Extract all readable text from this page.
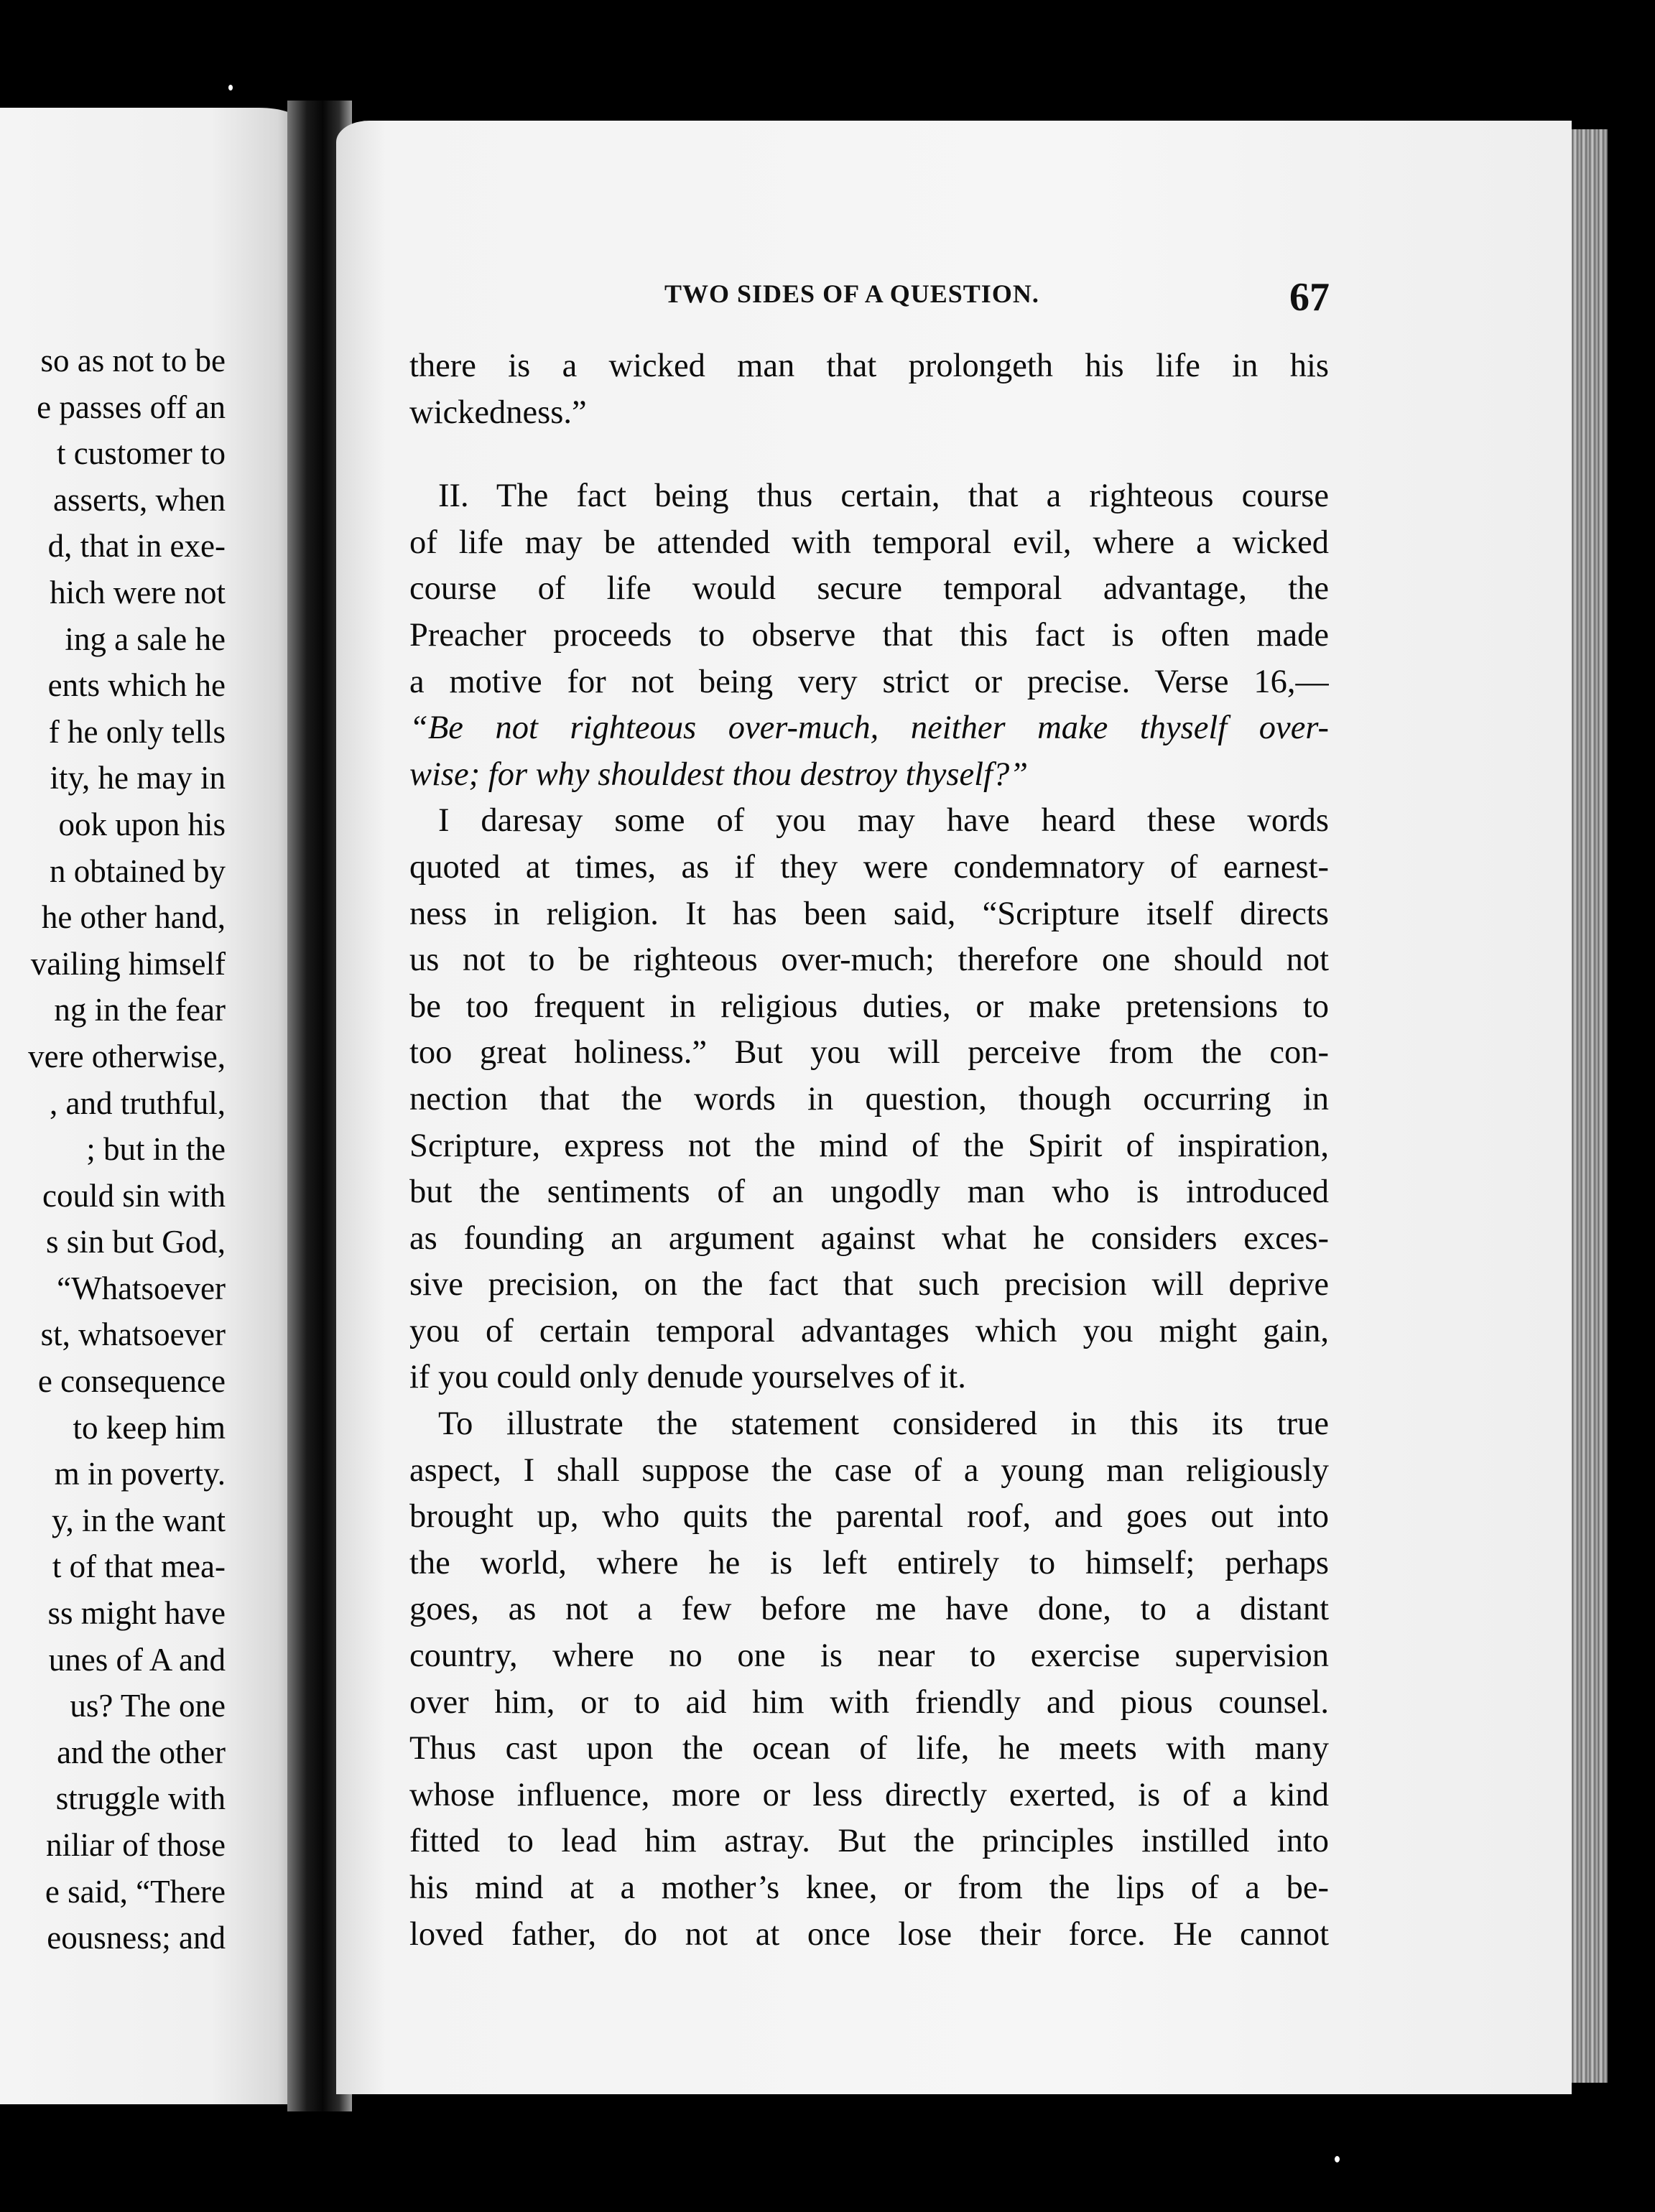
so as not to be
e passes off an
t customer to
asserts, when
d, that in exe-
hich were not
ing a sale he
ents which he
f he only tells
ity, he may in
ook upon his
n obtained by
he other hand,
vailing himself
ng in the fear
vere otherwise,
, and truthful,
; but in the
could sin with
s sin but God,
“Whatsoever
st, whatsoever
e consequence
to keep him
m in poverty.
y, in the want
t of that mea-
ss might have
unes of A and
us? The one
and the other
struggle with
niliar of those
e said, “There
eousness; and
TWO SIDES OF A QUESTION.	67
there is a wicked man that prolongeth his life in his
wickedness.”
II. The fact being thus certain, that a righteous course
of life may be attended with temporal evil, where a wicked
course of life would secure temporal advantage, the
Preacher proceeds to observe that this fact is often made
a motive for not being very strict or precise. Verse 16,—
“Be not righteous over-much, neither make thyself over-
wise; for why shouldest thou destroy thyself?”
I daresay some of you may have heard these words
quoted at times, as if they were condemnatory of earnest-
ness in religion. It has been said, “Scripture itself directs
us not to be righteous over-much; therefore one should not
be too frequent in religious duties, or make pretensions to
too great holiness.” But you will perceive from the con-
nection that the words in question, though occurring in
Scripture, express not the mind of the Spirit of inspiration,
but the sentiments of an ungodly man who is introduced
as founding an argument against what he considers exces-
sive precision, on the fact that such precision will deprive
you of certain temporal advantages which you might gain,
if you could only denude yourselves of it.
To illustrate the statement considered in this its true
aspect, I shall suppose the case of a young man religiously
brought up, who quits the parental roof, and goes out into
the world, where he is left entirely to himself; perhaps
goes, as not a few before me have done, to a distant
country, where no one is near to exercise supervision
over him, or to aid him with friendly and pious counsel.
Thus cast upon the ocean of life, he meets with many
whose influence, more or less directly exerted, is of a kind
fitted to lead him astray. But the principles instilled into
his mind at a mother’s knee, or from the lips of a be-
loved father, do not at once lose their force. He cannot
